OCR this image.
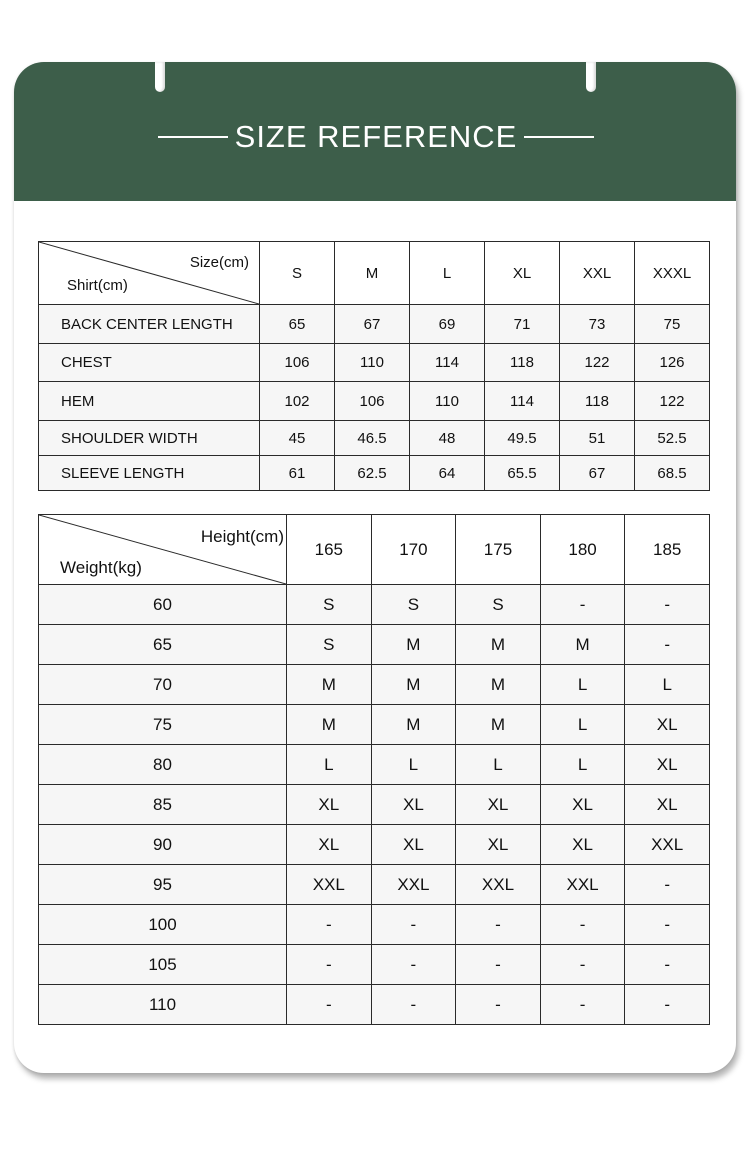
SIZE REFERENCE
Size(cm)
Shirt(cm)	S	M	L	XL	XXL	XXXL
BACK CENTER LENGTH	65	67	69	71	73	75
CHEST	106	110	114	118	122	126
HEM	102	106	110	114	118	122
SHOULDER WIDTH	45	46.5	48	49.5	51	52.5
SLEEVE LENGTH	61	62.5	64	65.5	67	68.5
Height(cm)
Weight(kg)	165	170	175	180	185
60	S	S	S	-	-
65	S	M	M	M	-
70	M	M	M	L	L
75	M	M	M	L	XL
80	L	L	L	L	XL
85	XL	XL	XL	XL	XL
90	XL	XL	XL	XL	XXL
95	XXL	XXL	XXL	XXL	-
100	-	-	-	-	-
105	-	-	-	-	-
110	-	-	-	-	-
